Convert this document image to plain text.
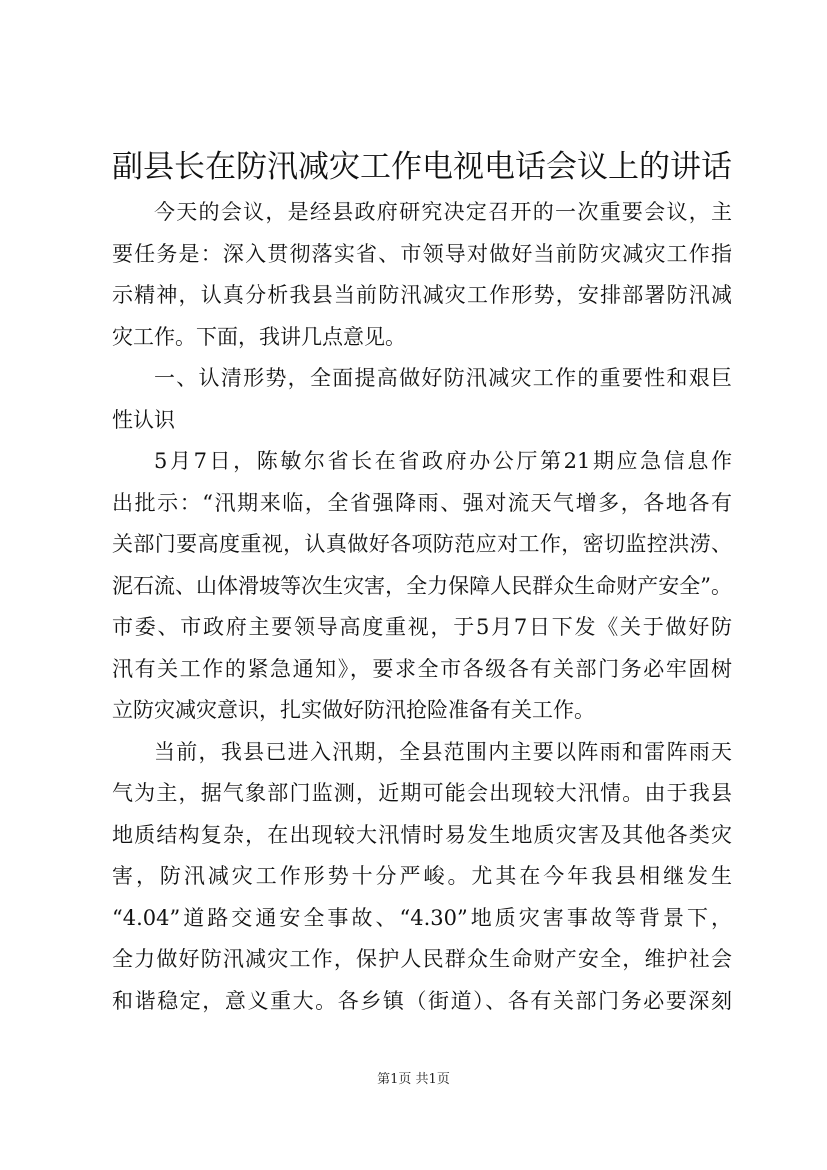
副县长在防汛减灾工作电视电话会议上的讲话
今天的会议，是经县政府研究决定召开的一次重要会议，主
要任务是：深入贯彻落实省、市领导对做好当前防灾减灾工作指
示精神，认真分析我县当前防汛减灾工作形势，安排部署防汛减
灾工作。下面，我讲几点意见。
一、认清形势，全面提高做好防汛减灾工作的重要性和艰巨
性认识
5月7日，陈敏尔省长在省政府办公厅第21期应急信息作
出批示：“汛期来临，全省强降雨、强对流天气增多，各地各有
关部门要高度重视，认真做好各项防范应对工作，密切监控洪涝、
泥石流、山体滑坡等次生灾害，全力保障人民群众生命财产安全”。
市委、市政府主要领导高度重视，于5月7日下发《关于做好防
汛有关工作的紧急通知》，要求全市各级各有关部门务必牢固树
立防灾减灾意识，扎实做好防汛抢险准备有关工作。
当前，我县已进入汛期，全县范围内主要以阵雨和雷阵雨天
气为主，据气象部门监测，近期可能会出现较大汛情。由于我县
地质结构复杂，在出现较大汛情时易发生地质灾害及其他各类灾
害，防汛减灾工作形势十分严峻。尤其在今年我县相继发生
“4.04”道路交通安全事故、“4.30”地质灾害事故等背景下，
全力做好防汛减灾工作，保护人民群众生命财产安全，维护社会
和谐稳定，意义重大。各乡镇（街道）、各有关部门务必要深刻
第1页 共1页
